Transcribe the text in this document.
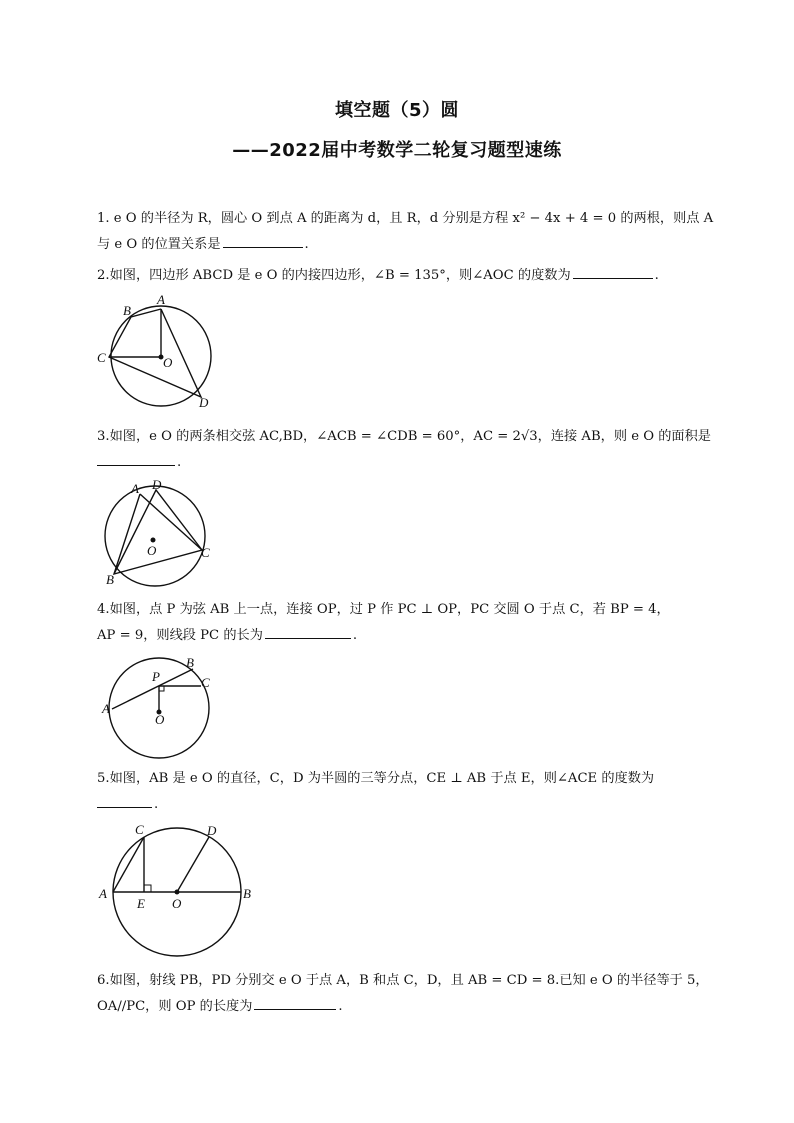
填空题（5）圆
——2022届中考数学二轮复习题型速练
1. e O 的半径为 R，圆心 O 到点 A 的距离为 d，且 R，d 分别是方程 x² − 4x + 4 = 0 的两根，则点 A
与 e O 的位置关系是	.
2.如图，四边形 ABCD 是 e O 的内接四边形，∠B = 135°，则∠AOC 的度数为	.
A
B
C
D
O
3.如图，e O 的两条相交弦 AC,BD，∠ACB = ∠CDB = 60°，AC = 2√3，连接 AB，则 e O 的面积是
.
A D
B
C
O
4.如图，点 P 为弦 AB 上一点，连接 OP，过 P 作 PC ⊥ OP，PC 交圆 O 于点 C，若 BP = 4，
AP = 9，则线段 PC 的长为	.
A
B
C
P
O
5.如图，AB 是 e O 的直径，C，D 为半圆的三等分点，CE ⊥ AB 于点 E，则∠ACE 的度数为
.
A	B
C	D
E O
6.如图，射线 PB，PD 分别交 e O 于点 A，B 和点 C，D，且 AB = CD = 8.已知 e O 的半径等于 5，
OA//PC，则 OP 的长度为	.
